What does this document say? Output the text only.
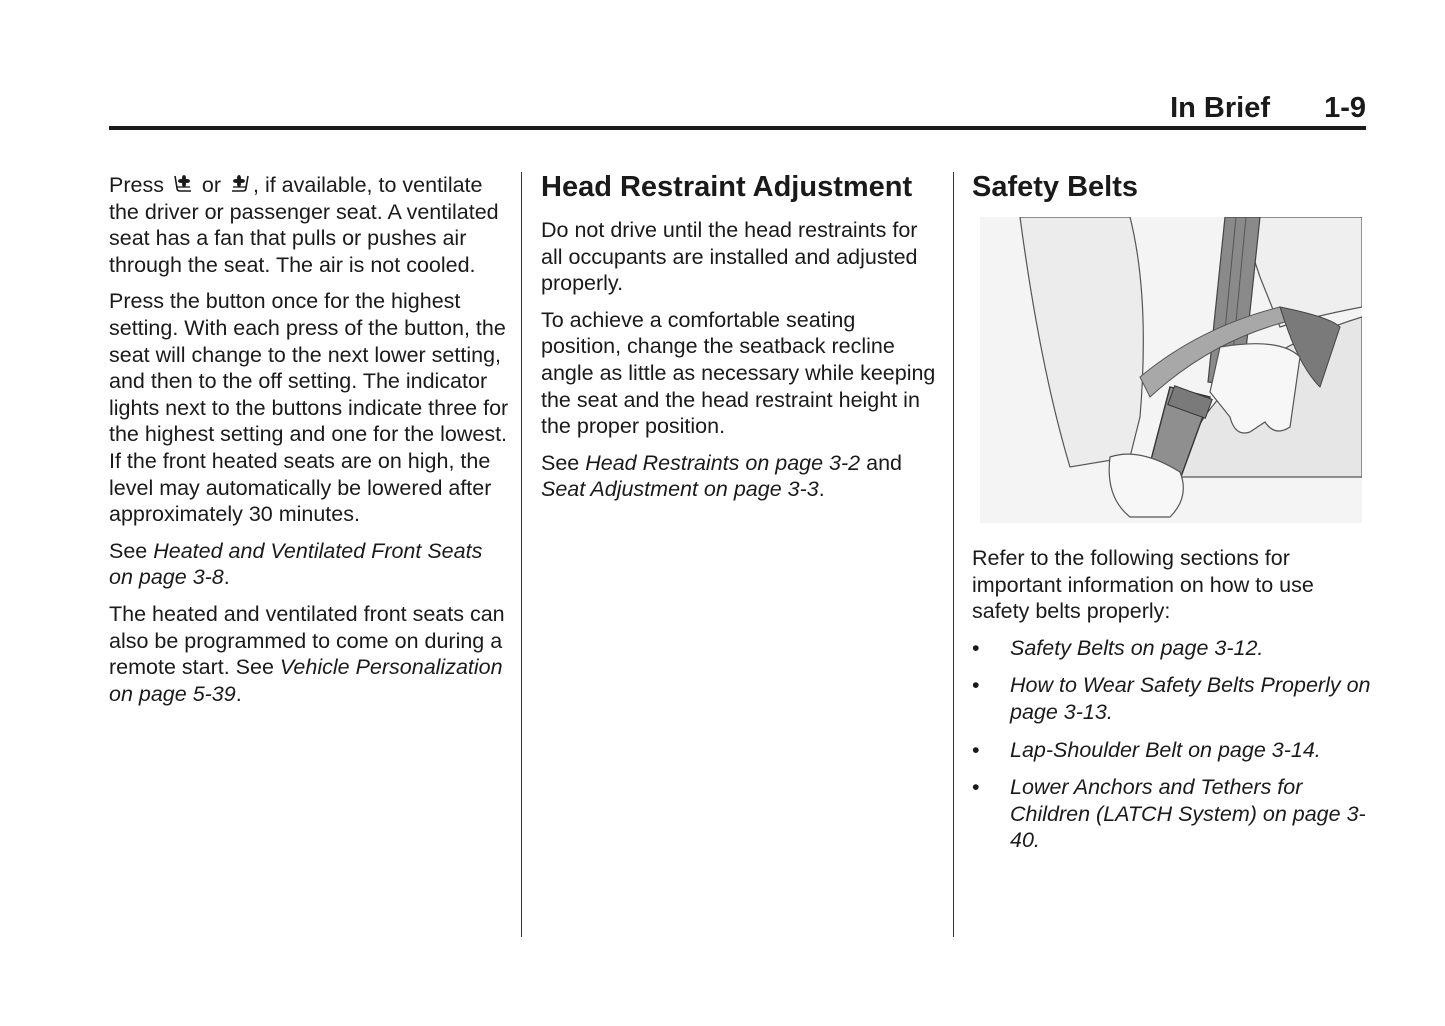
In Brief 1-9

Press  or , if available, to ventilate the driver or passenger seat. A ventilated seat has a fan that pulls or pushes air through the seat. The air is not cooled.

Press the button once for the highest setting. With each press of the button, the seat will change to the next lower setting, and then to the off setting. The indicator lights next to the buttons indicate three for the highest setting and one for the lowest. If the front heated seats are on high, the level may automatically be lowered after approximately 30 minutes.

See Heated and Ventilated Front Seats on page 3-8.

The heated and ventilated front seats can also be programmed to come on during a remote start. See Vehicle Personalization on page 5-39.

Head Restraint Adjustment

Do not drive until the head restraints for all occupants are installed and adjusted properly.

To achieve a comfortable seating position, change the seatback recline angle as little as necessary while keeping the seat and the head restraint height in the proper position.

See Head Restraints on page 3-2 and Seat Adjustment on page 3-3.

Safety Belts

Refer to the following sections for important information on how to use safety belts properly:

• Safety Belts on page 3-12.
• How to Wear Safety Belts Properly on page 3-13.
• Lap-Shoulder Belt on page 3-14.
• Lower Anchors and Tethers for Children (LATCH System) on page 3-40.
